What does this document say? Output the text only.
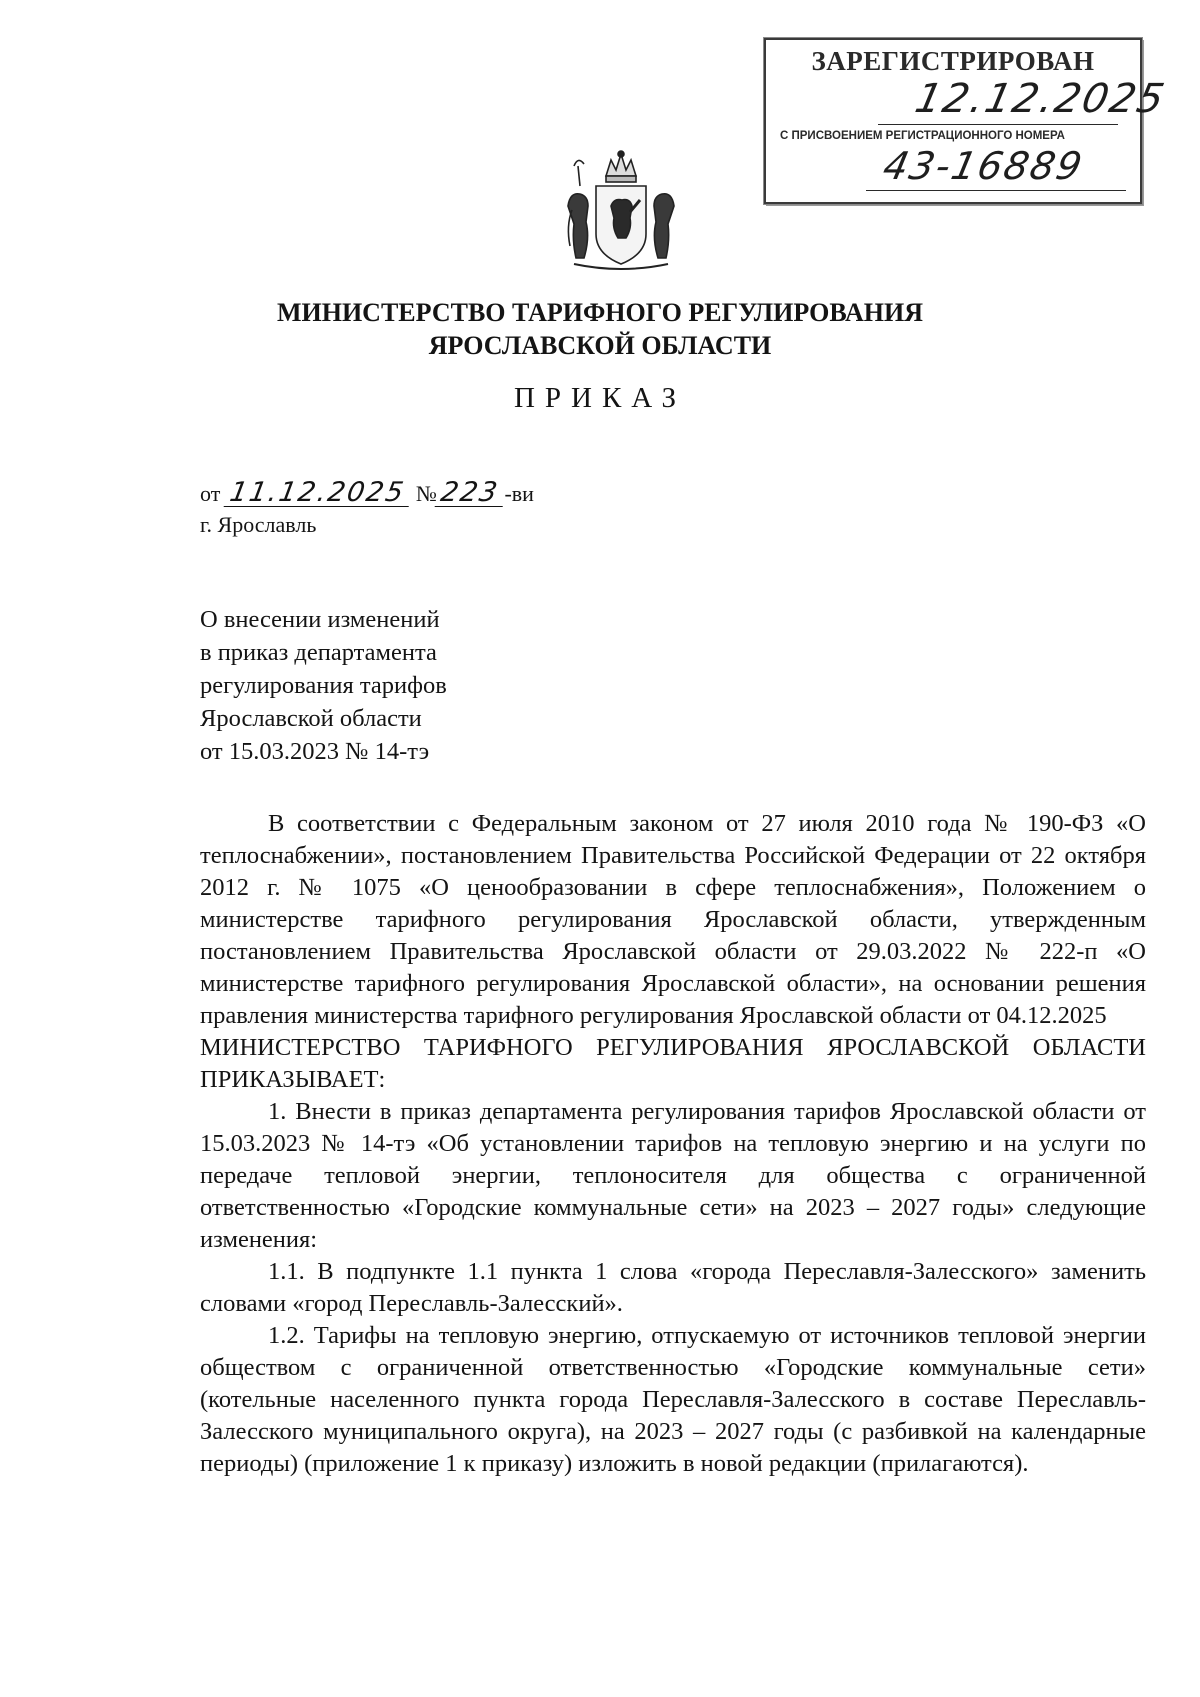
ЗАРЕГИСТРИРОВАН
12.12.2025
С ПРИСВОЕНИЕМ РЕГИСТРАЦИОННОГО НОМЕРА
43-16889
МИНИСТЕРСТВО ТАРИФНОГО РЕГУЛИРОВАНИЯ
ЯРОСЛАВСКОЙ ОБЛАСТИ
ПРИКАЗ
от 11.12.2025 №223 -ви
г. Ярославль
О внесении изменений
в приказ департамента
регулирования тарифов
Ярославской области
от 15.03.2023 № 14-тэ

В соответствии с Федеральным законом от 27 июля 2010 года № 190-ФЗ «О теплоснабжении», постановлением Правительства Российской Федерации от 22 октября 2012 г. № 1075 «О ценообразовании в сфере теплоснабжения», Положением о министерстве тарифного регулирования Ярославской области, утвержденным постановлением Правительства Ярославской области от 29.03.2022 № 222-п «О министерстве тарифного регулирования Ярославской области», на основании решения правления министерства тарифного регулирования Ярославской области от 04.12.2025

МИНИСТЕРСТВО ТАРИФНОГО РЕГУЛИРОВАНИЯ ЯРОСЛАВСКОЙ ОБЛАСТИ ПРИКАЗЫВАЕТ:

1. Внести в приказ департамента регулирования тарифов Ярославской области от 15.03.2023 № 14-тэ «Об установлении тарифов на тепловую энергию и на услуги по передаче тепловой энергии, теплоносителя для общества с ограниченной ответственностью «Городские коммунальные сети» на 2023 – 2027 годы» следующие изменения:

1.1. В подпункте 1.1 пункта 1 слова «города Переславля-Залесского» заменить словами «город Переславль-Залесский».

1.2. Тарифы на тепловую энергию, отпускаемую от источников тепловой энергии обществом с ограниченной ответственностью «Городские коммунальные сети» (котельные населенного пункта города Переславля-Залесского в составе Переславль-Залесского муниципального округа), на 2023 – 2027 годы (с разбивкой на календарные периоды) (приложение 1 к приказу) изложить в новой редакции (прилагаются).
